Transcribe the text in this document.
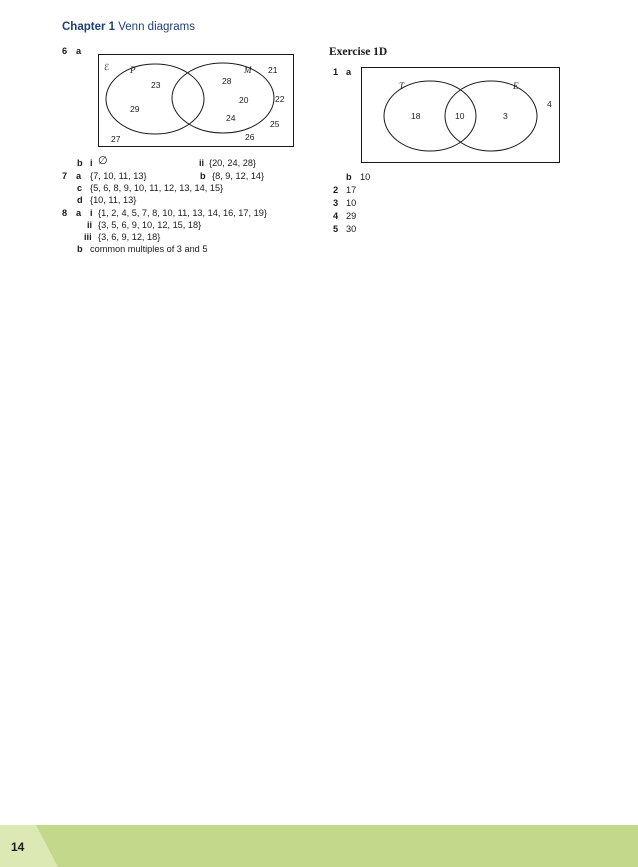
Chapter 1 Venn diagrams
6 a
ℰ P	M
23
29
28
20
24
21
22
25
26
27
b i ∅	ii {20, 24, 28}
7 a {7, 10, 11, 13}	b {8, 9, 12, 14}
c {5, 6, 8, 9, 10, 11, 12, 13, 14, 15}
d {10, 11, 13}
8 a i {1, 2, 4, 5, 7, 8, 10, 11, 13, 14, 16, 17, 19}
ii {3, 5, 6, 9, 10, 12, 15, 18}
iii {3, 6, 9, 12, 18}
b common multiples of 3 and 5
Exercise 1D
1 a
T	E
18	10	3
4
b 10
2 17
3 10
4 29
5 30
14
